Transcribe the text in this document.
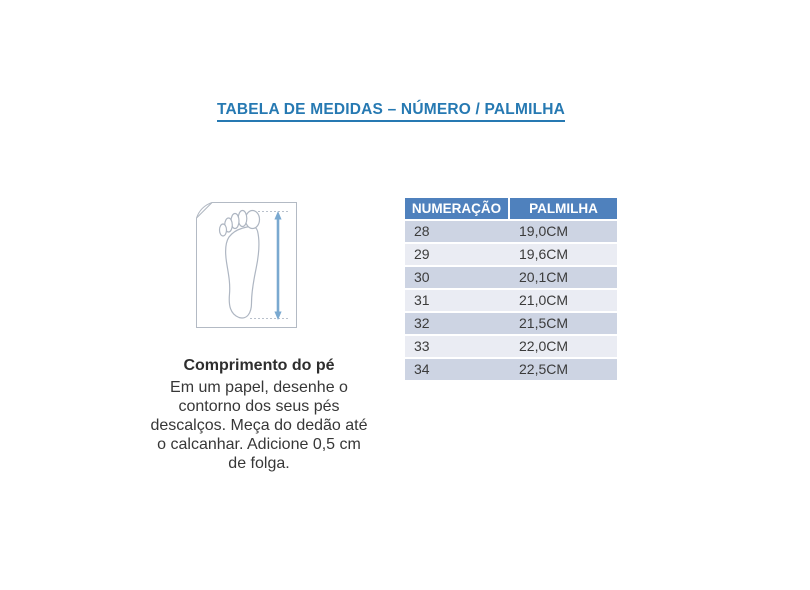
TABELA DE MEDIDAS – NÚMERO / PALMILHA
Comprimento do pé
Em um papel, desenhe o
contorno dos seus pés
descalços. Meça do dedão até
o calcanhar. Adicione 0,5 cm
de folga.
NUMERAÇÃO	PALMILHA
28	19,0CM
29	19,6CM
30	20,1CM
31	21,0CM
32	21,5CM
33	22,0CM
34	22,5CM
